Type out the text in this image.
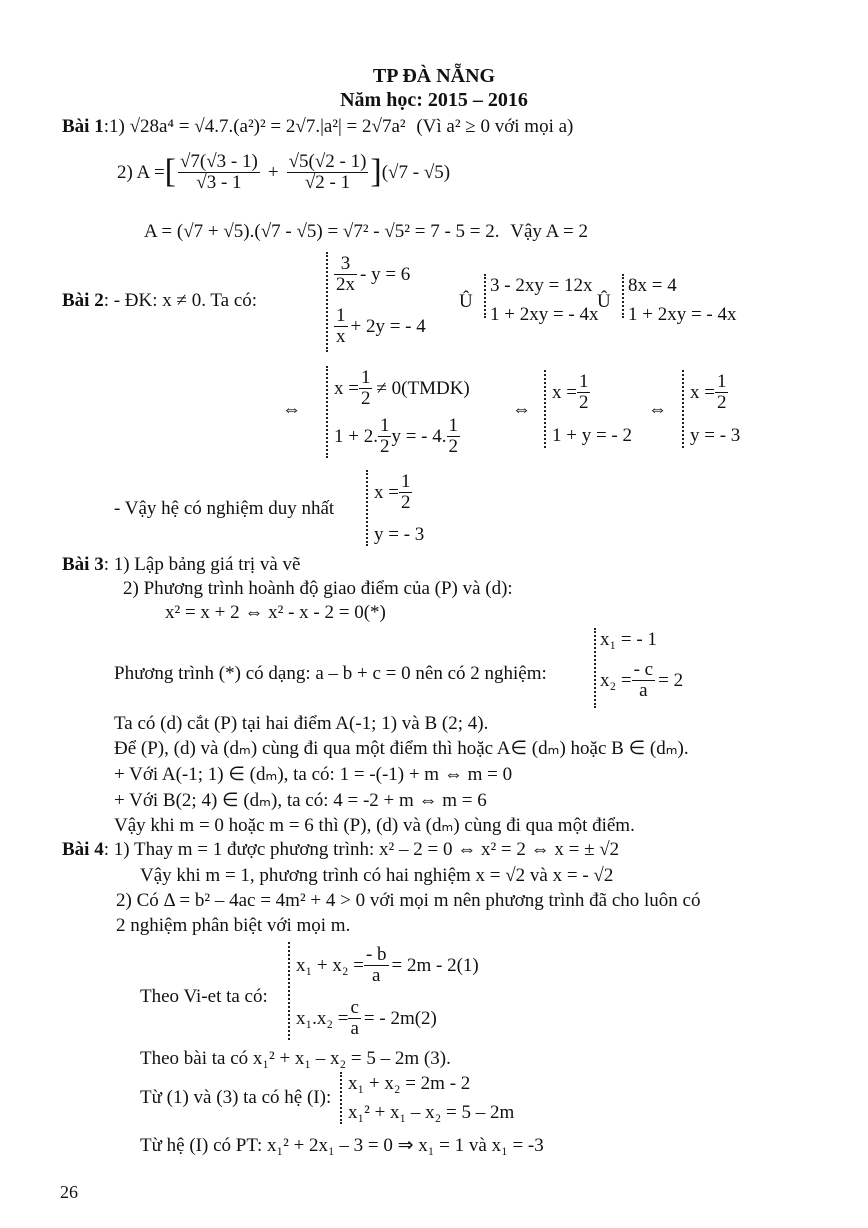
TP ĐÀ NẴNG
Năm học: 2015 – 2016
Bài 1:1) √28a⁴ = √4.7.(a²)² = 2√7.|a²| = 2√7a² (Vì a² ≥ 0 với mọi a)
2) A = [ $\frac{√7(√3 - 1)}{√3 - 1} + \frac{√5(√2 - 1)}{√2 - 1}$ ] (√7 - √5)
A = (√7 + √5).(√7 - √5) = √7² - √5² = 7 - 5 = 2. Vậy A = 2
Bài 2: - ĐK: x ≠ 0. Ta có:
$\frac{3}{2x} - y = 6$
$\frac{1}{x} + 2y$ = - 4
Û
3 - 2xy = 12x
1 + 2xy = - 4x
Û
8x = 4
1 + 2xy = - 4x
⇔
$x = \frac{1}{2}$ ≠ 0(TMDK)
1 + 2. $\frac{1}{2}$ y = - 4. $\frac{1}{2}$
⇔
$x = \frac{1}{2}$
1 + y = - 2
⇔
$x = \frac{1}{2}$
y = - 3
- Vậy hệ có nghiệm duy nhất
$x = \frac{1}{2}$
y = - 3
Bài 3: 1) Lập bảng giá trị và vẽ
2) Phương trình hoành độ giao điểm của (P) và (d):
x² = x + 2 ⇔ x² - x - 2 = 0(*)
Phương trình (*) có dạng: a – b + c = 0 nên có 2 nghiệm:
x₁ = - 1
$x_2 = \frac{- c}{a} = 2$
Ta có (d) cắt (P) tại hai điểm A(-1; 1) và B (2; 4).
Để (P), (d) và (dₘ) cùng đi qua một điểm thì hoặc A∈ (dₘ) hoặc B ∈ (dₘ).
+ Với A(-1; 1) ∈ (dₘ), ta có: 1 = -(-1) + m ⇔ m = 0
+ Với B(2; 4) ∈ (dₘ), ta có: 4 = -2 + m ⇔ m = 6
Vậy khi m = 0 hoặc m = 6 thì (P), (d) và (dₘ) cùng đi qua một điểm.
Bài 4: 1) Thay m = 1 được phương trình: x² – 2 = 0 ⇔ x² = 2 ⇔ x = ± √2
Vậy khi m = 1, phương trình có hai nghiệm x = √2 và x = - √2
2) Có Δ = b² – 4ac = 4m² + 4 > 0 với mọi m nên phương trình đã cho luôn có
2 nghiệm phân biệt với mọi m.
Theo Vi-et ta có:
$x_1 + x_2 = \frac{- b}{a} = 2m - 2(1)$
$x_1.x_2 = \frac{c}{a}$ = - 2m(2)
Theo bài ta có x₁² + x₁ – x₂ = 5 – 2m (3).
Từ (1) và (3) ta có hệ (I):
x₁ + x₂ = 2m - 2
x₁² + x₁ – x₂ = 5 – 2m
Từ hệ (I) có PT: x₁² + 2x₁ – 3 = 0 ⇒ x₁ = 1 và x₁ = -3
26
